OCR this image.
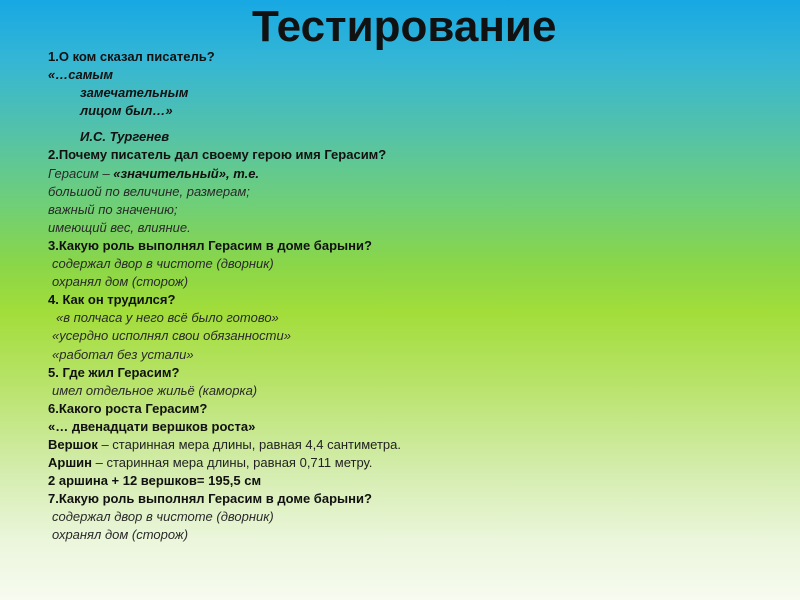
Тестирование
1.О ком сказал писатель?
«…самым
замечательным
лицом был…»
И.С. Тургенев
2.Почему писатель дал своему герою имя Герасим?
Герасим – «значительный», т.е.
большой по величине, размерам;
важный по значению;
имеющий вес, влияние.
3.Какую роль выполнял Герасим в доме барыни?
содержал двор в чистоте (дворник)
охранял дом (сторож)
4. Как он трудился?
«в полчаса у него всё было готово»
«усердно исполнял свои обязанности»
«работал без устали»
5. Где жил Герасим?
имел отдельное жильё (каморка)
6.Какого роста Герасим?
«… двенадцати вершков роста»
Вершок – старинная мера длины, равная 4,4 сантиметра.
Аршин – старинная мера длины, равная 0,711 метру.
2 аршина + 12 вершков= 195,5 см
7.Какую роль выполнял Герасим в доме барыни?
содержал двор в чистоте (дворник)
охранял дом (сторож)
